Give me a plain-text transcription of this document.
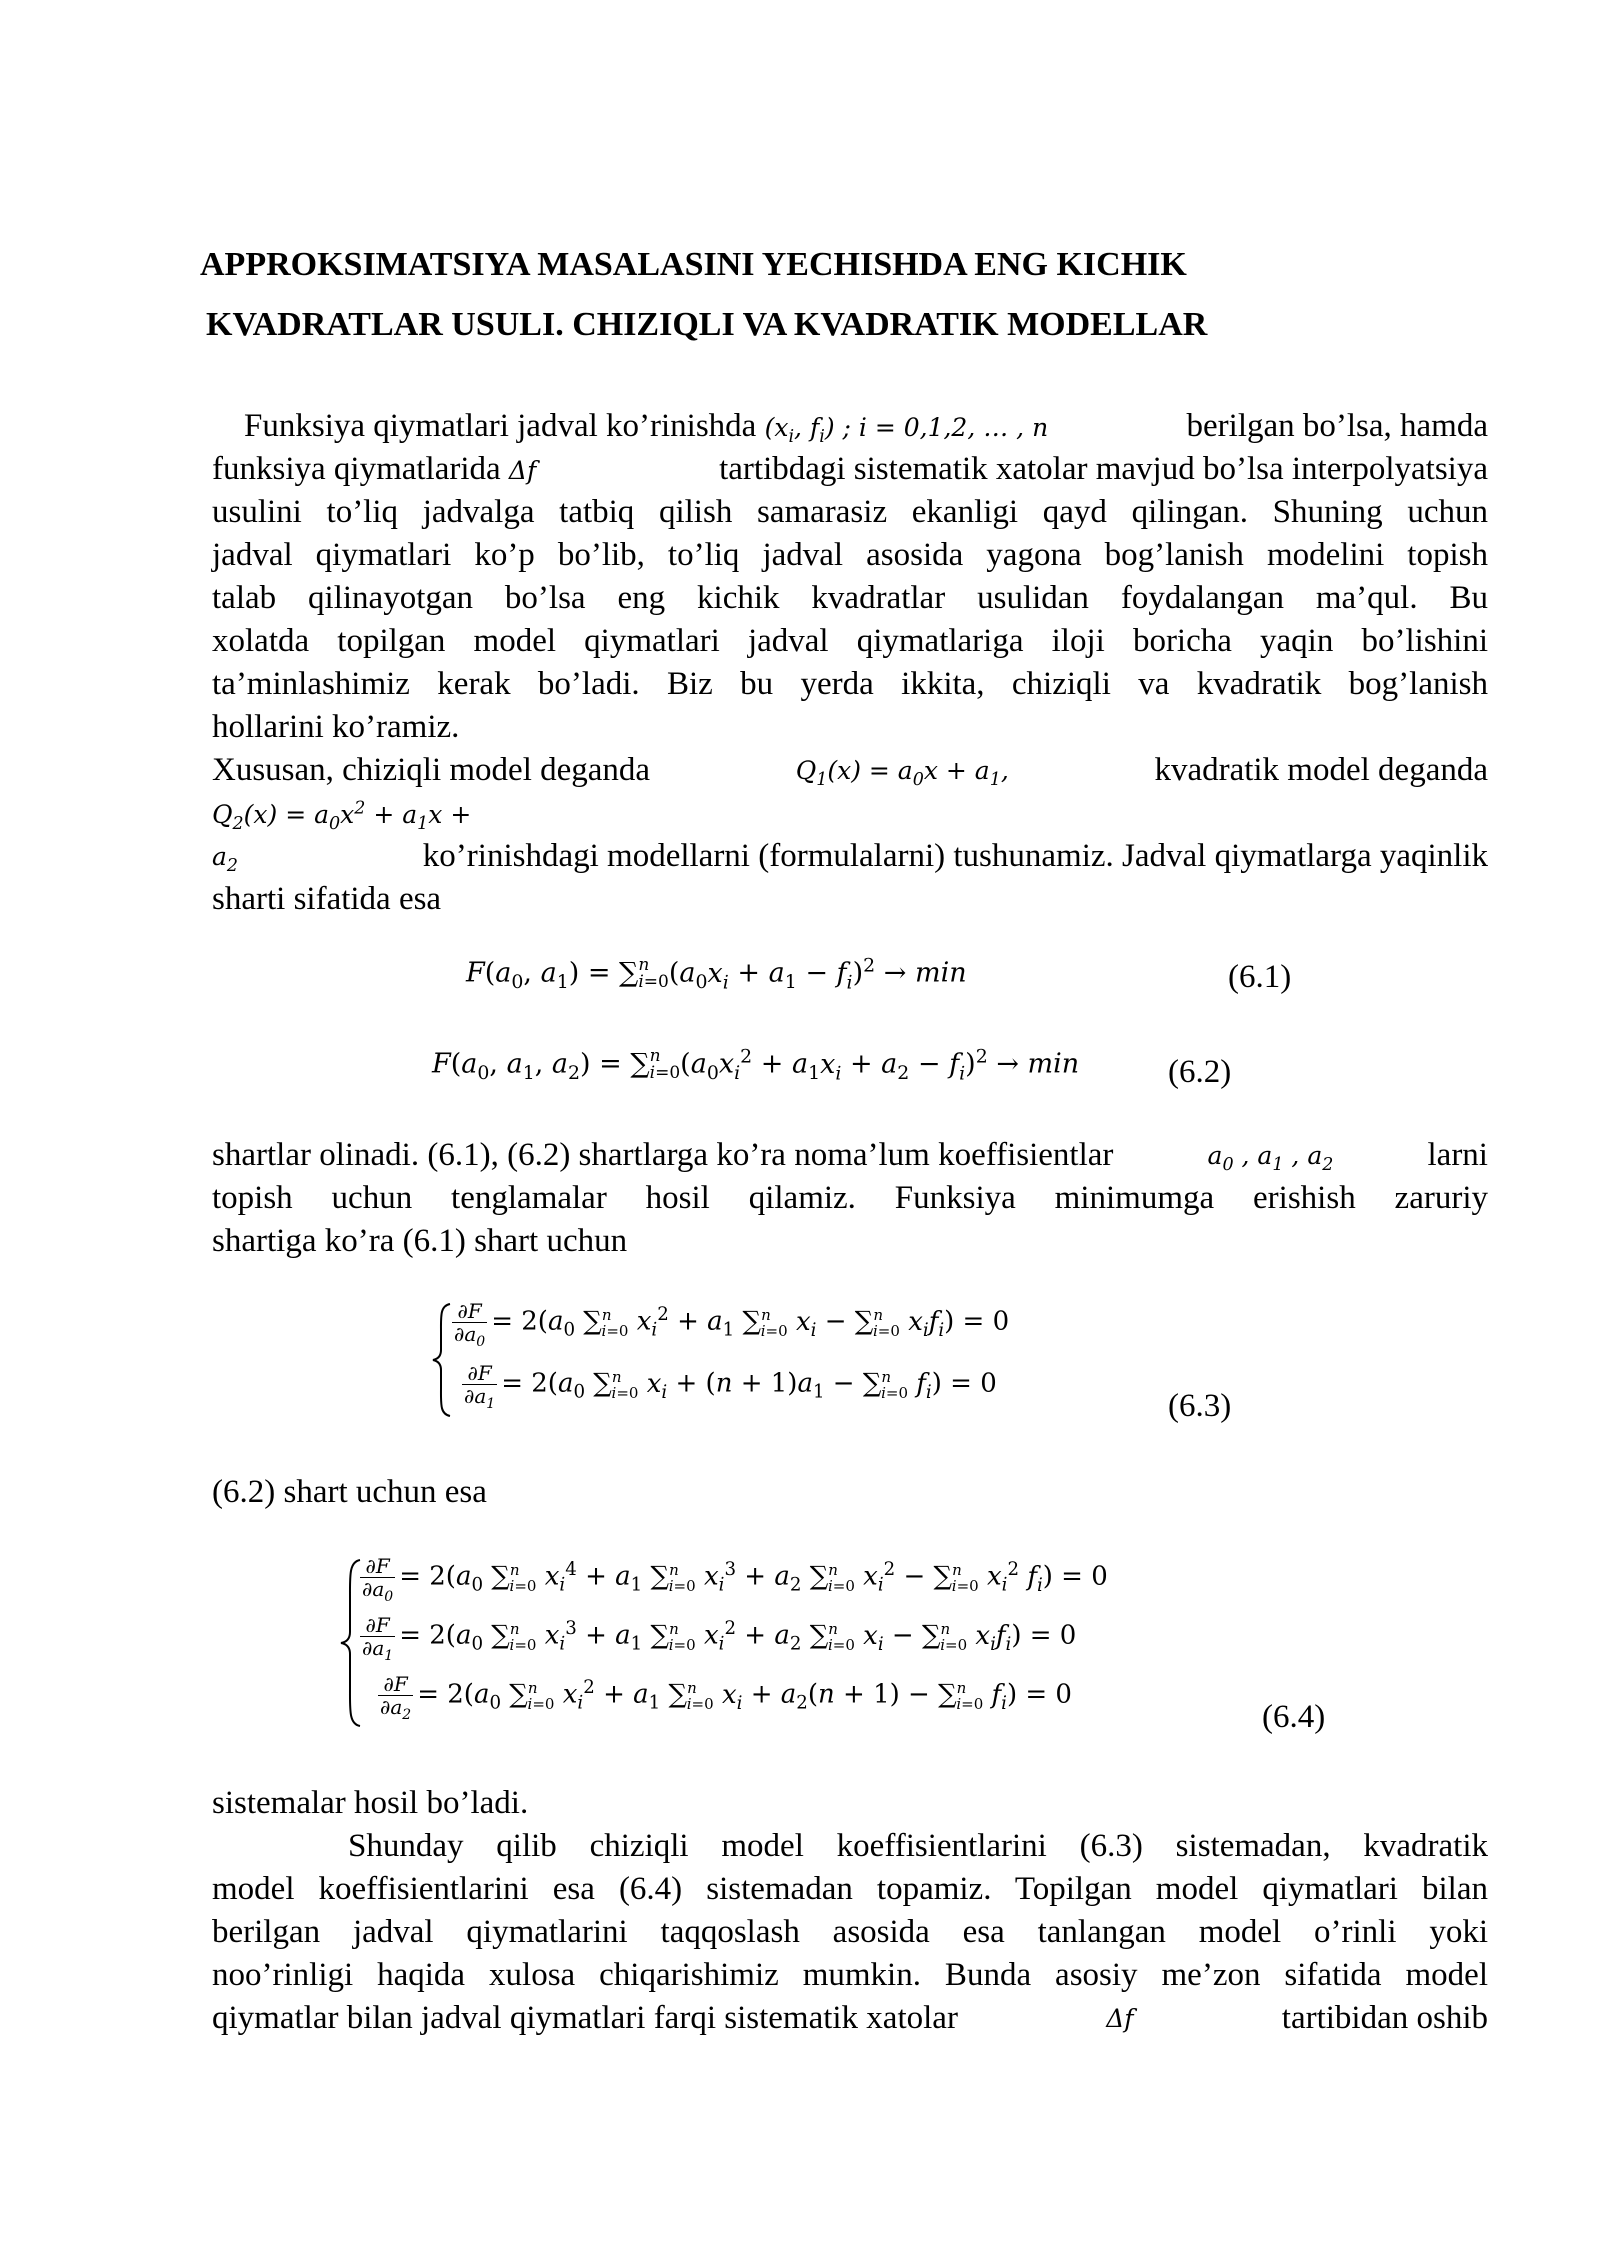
APPROKSIMATSIYA MASALASINI YECHISHDA ENG KICHIK
KVADRATLAR USULI. CHIZIQLI VA KVADRATIK MODELLAR
Funksiya qiymatlari jadval ko’rinishda ($x_i$, $f_i$) ; i = 0,1,2, … , n	berilgan bo’lsa, hamda
funksiya qiymatlarida Δf	tartibdagi sistematik xatolar mavjud bo’lsa interpolyatsiya
usulini to’liq jadvalga tatbiq qilish samarasiz ekanligi qayd qilingan. Shuning uchun
jadval qiymatlari ko’p bo’lib, to’liq jadval asosida yagona bog’lanish modelini topish
talab qilinayotgan bo’lsa eng kichik kvadratlar usulidan foydalangan ma’qul. Bu
xolatda topilgan model qiymatlari jadval qiymatlariga iloji boricha yaqin bo’lishini
ta’minlashimiz kerak bo’ladi. Biz bu yerda ikkita, chiziqli va kvadratik bog’lanish
hollarini ko’ramiz.
Xususan, chiziqli model deganda	$Q_1(x) = a_0x + a_1$,	kvadratik model deganda
$Q_2(x) = a_0x^2 + a_1x$ +
$a_2$	ko’rinishdagi modellarni (formulalarni) tushunamiz. Jadval qiymatlarga yaqinlik
sharti sifatida esa
$F(a_0$, $a_1) = \sum n$
$i=0(a_0x_i + a_1 - f_i)^2 \to \min$	(6.1)
$F(a_0$, $a_1$, $a_2) = \sum n$
$i=0(a_0x_i^2 + a_1x_i + a_2 - f_i)^2 \to \min$	(6.2)
shartlar olinadi. (6.1), (6.2) shartlarga ko’ra noma’lum koeffisientlar	$a_0$ , $a_1$ , $a_2$	larni
topish uchun tenglamalar hosil qilamiz. Funksiya minimumga erishish zaruriy
shartiga ko’ra (6.1) shart uchun
$\frac{\partial F}{\partial a_0} = 2(a_0$ ∑$^n_{i=0}$ $x_i^2 + a_1$ ∑$^n_{i=0}$ $x_i - \sum^n_{i=0}$ $x_if_i) = 0$
$\frac{\partial F}{\partial a_1} = 2(a_0$ ∑$^n_{i=0}$ $x_i + (n + 1)a_1 - \sum^n_{i=0}$ $f_i) = 0$
(6.3)
(6.2) shart uchun esa
$\frac{\partial F}{\partial a_0} = 2(a_0$ ∑$^n_{i=0}$ $x_i^4 + a_1$ ∑$^n_{i=0}$ $x_i^3 + a_2$ ∑$^n_{i=0}$ $x_i^2 - \sum^n_{i=0}$ $x_i^2$ $f_i) = 0$
$\frac{\partial F}{\partial a_1} = 2(a_0$ ∑$^n_{i=0}$ $x_i^3 + a_1$ ∑$^n_{i=0}$ $x_i^2 + a_2$ ∑$^n_{i=0}$ $x_i - \sum^n_{i=0}$ $x_if_i) = 0$
$\frac{\partial F}{\partial a_2} = 2(a_0$ ∑$^n_{i=0}$ $x_i^2 + a_1$ ∑$^n_{i=0}$ $x_i + a_2(n + 1) - \sum^n_{i=0}$ $f_i) = 0$
(6.4)
sistemalar hosil bo’ladi.
Shunday qilib chiziqli model koeffisientlarini (6.3) sistemadan, kvadratik
model koeffisientlarini esa (6.4) sistemadan topamiz. Topilgan model qiymatlari bilan
berilgan jadval qiymatlarini taqqoslash asosida esa tanlangan model o’rinli yoki
noo’rinligi haqida xulosa chiqarishimiz mumkin. Bunda asosiy me’zon sifatida model
qiymatlar bilan jadval qiymatlari farqi sistematik xatolar	Δf	tartibidan oshib
